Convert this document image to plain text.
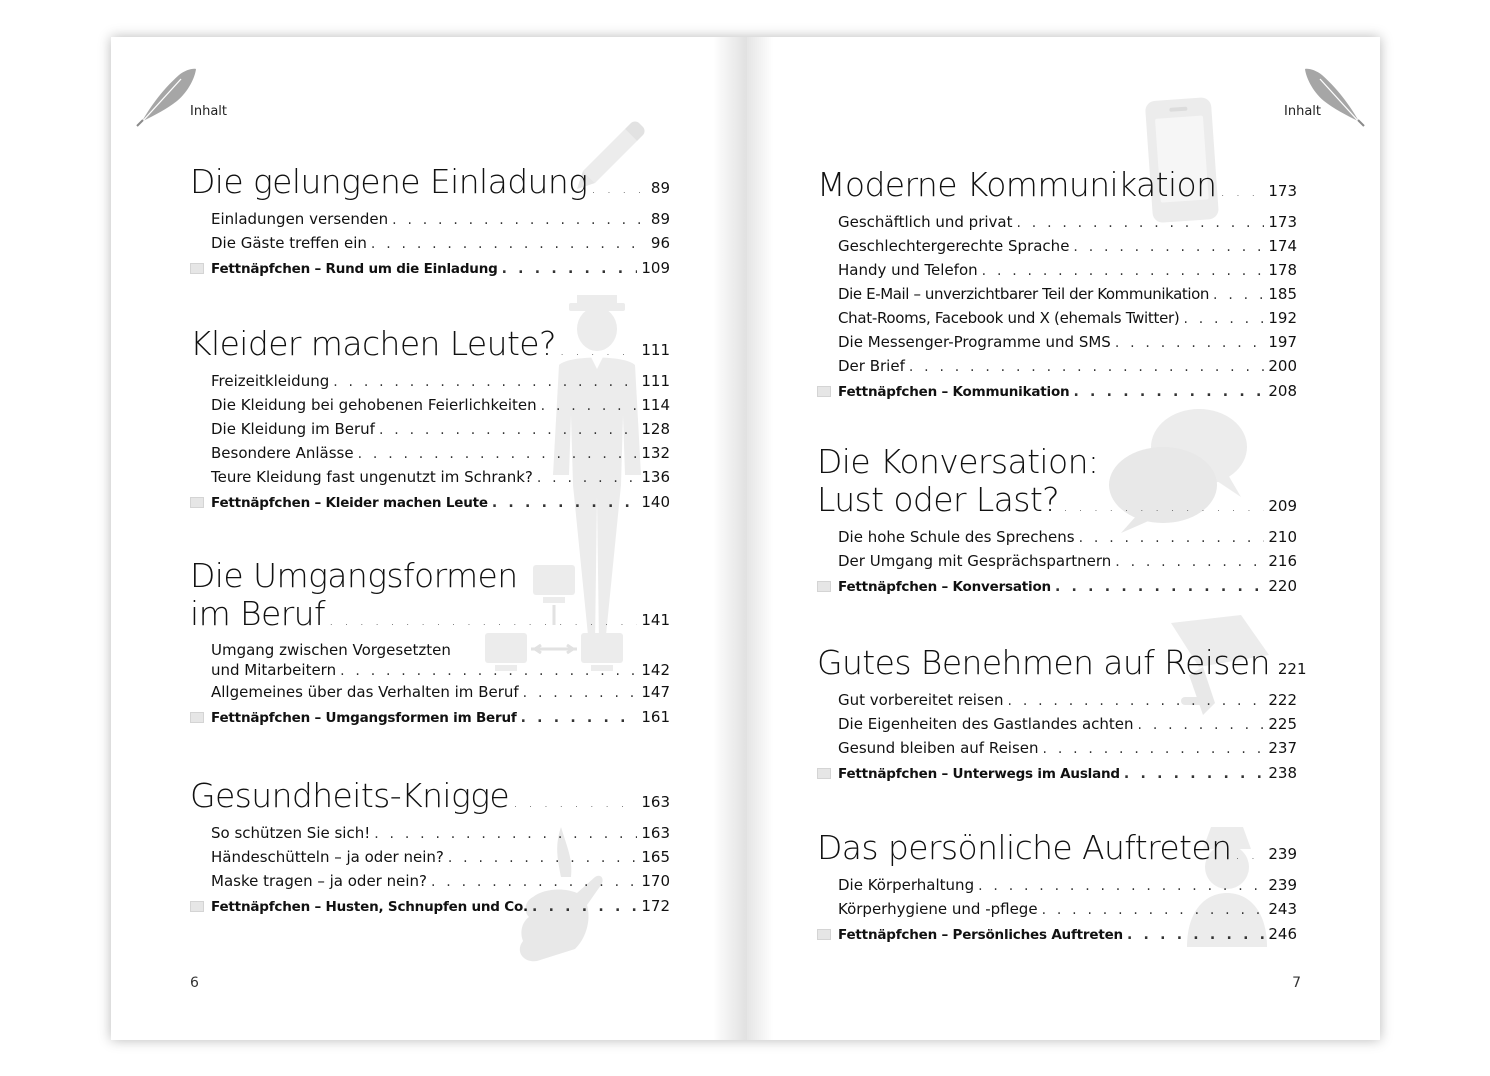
Inhalt
Die gelungene Einladung . . .	89
Einladungen versenden . . .	89
Die Gäste treffen ein . . .	96
Fettnäpfchen – Rund um die Einladung . . .	109
Kleider machen Leute? . . .	111
Freizeitkleidung . . .	111
Die Kleidung bei gehobenen Feierlichkeiten . . .	114
Die Kleidung im Beruf . . .	128
Besondere Anlässe . . .	132
Teure Kleidung fast ungenutzt im Schrank? . . .	136
Fettnäpfchen – Kleider machen Leute . . .	140
Die Umgangsformen
im Beruf . . .	141
Umgang zwischen Vorgesetzten
und Mitarbeitern . . .	142
Allgemeines über das Verhalten im Beruf . . .	147
Fettnäpfchen – Umgangsformen im Beruf . . .	161
Gesundheits-Knigge . . .	163
So schützen Sie sich! . . .	163
Händeschütteln – ja oder nein? . . .	165
Maske tragen – ja oder nein? . . .	170
Fettnäpfchen – Husten, Schnupfen und Co. . . .	172
6
Inhalt
Moderne Kommunikation . . .	173
Geschäftlich und privat . . .	173
Geschlechtergerechte Sprache . . .	174
Handy und Telefon . . .	178
Die E-Mail – unverzichtbarer Teil der Kommunikation . . .	185
Chat-Rooms, Facebook und X (ehemals Twitter) . . .	192
Die Messenger-Programme und SMS . . .	197
Der Brief . . .	200
Fettnäpfchen – Kommunikation . . .	208
Die Konversation:
Lust oder Last? . . .	209
Die hohe Schule des Sprechens . . .	210
Der Umgang mit Gesprächspartnern . . .	216
Fettnäpfchen – Konversation . . .	220
Gutes Benehmen auf Reisen 221
Gut vorbereitet reisen . . .	222
Die Eigenheiten des Gastlandes achten . . .	225
Gesund bleiben auf Reisen . . .	237
Fettnäpfchen – Unterwegs im Ausland . . .	238
Das persönliche Auftreten . . . 239
Die Körperhaltung . . .	239
Körperhygiene und -pflege . . .	243
Fettnäpfchen – Persönliches Auftreten . . .	246
7
